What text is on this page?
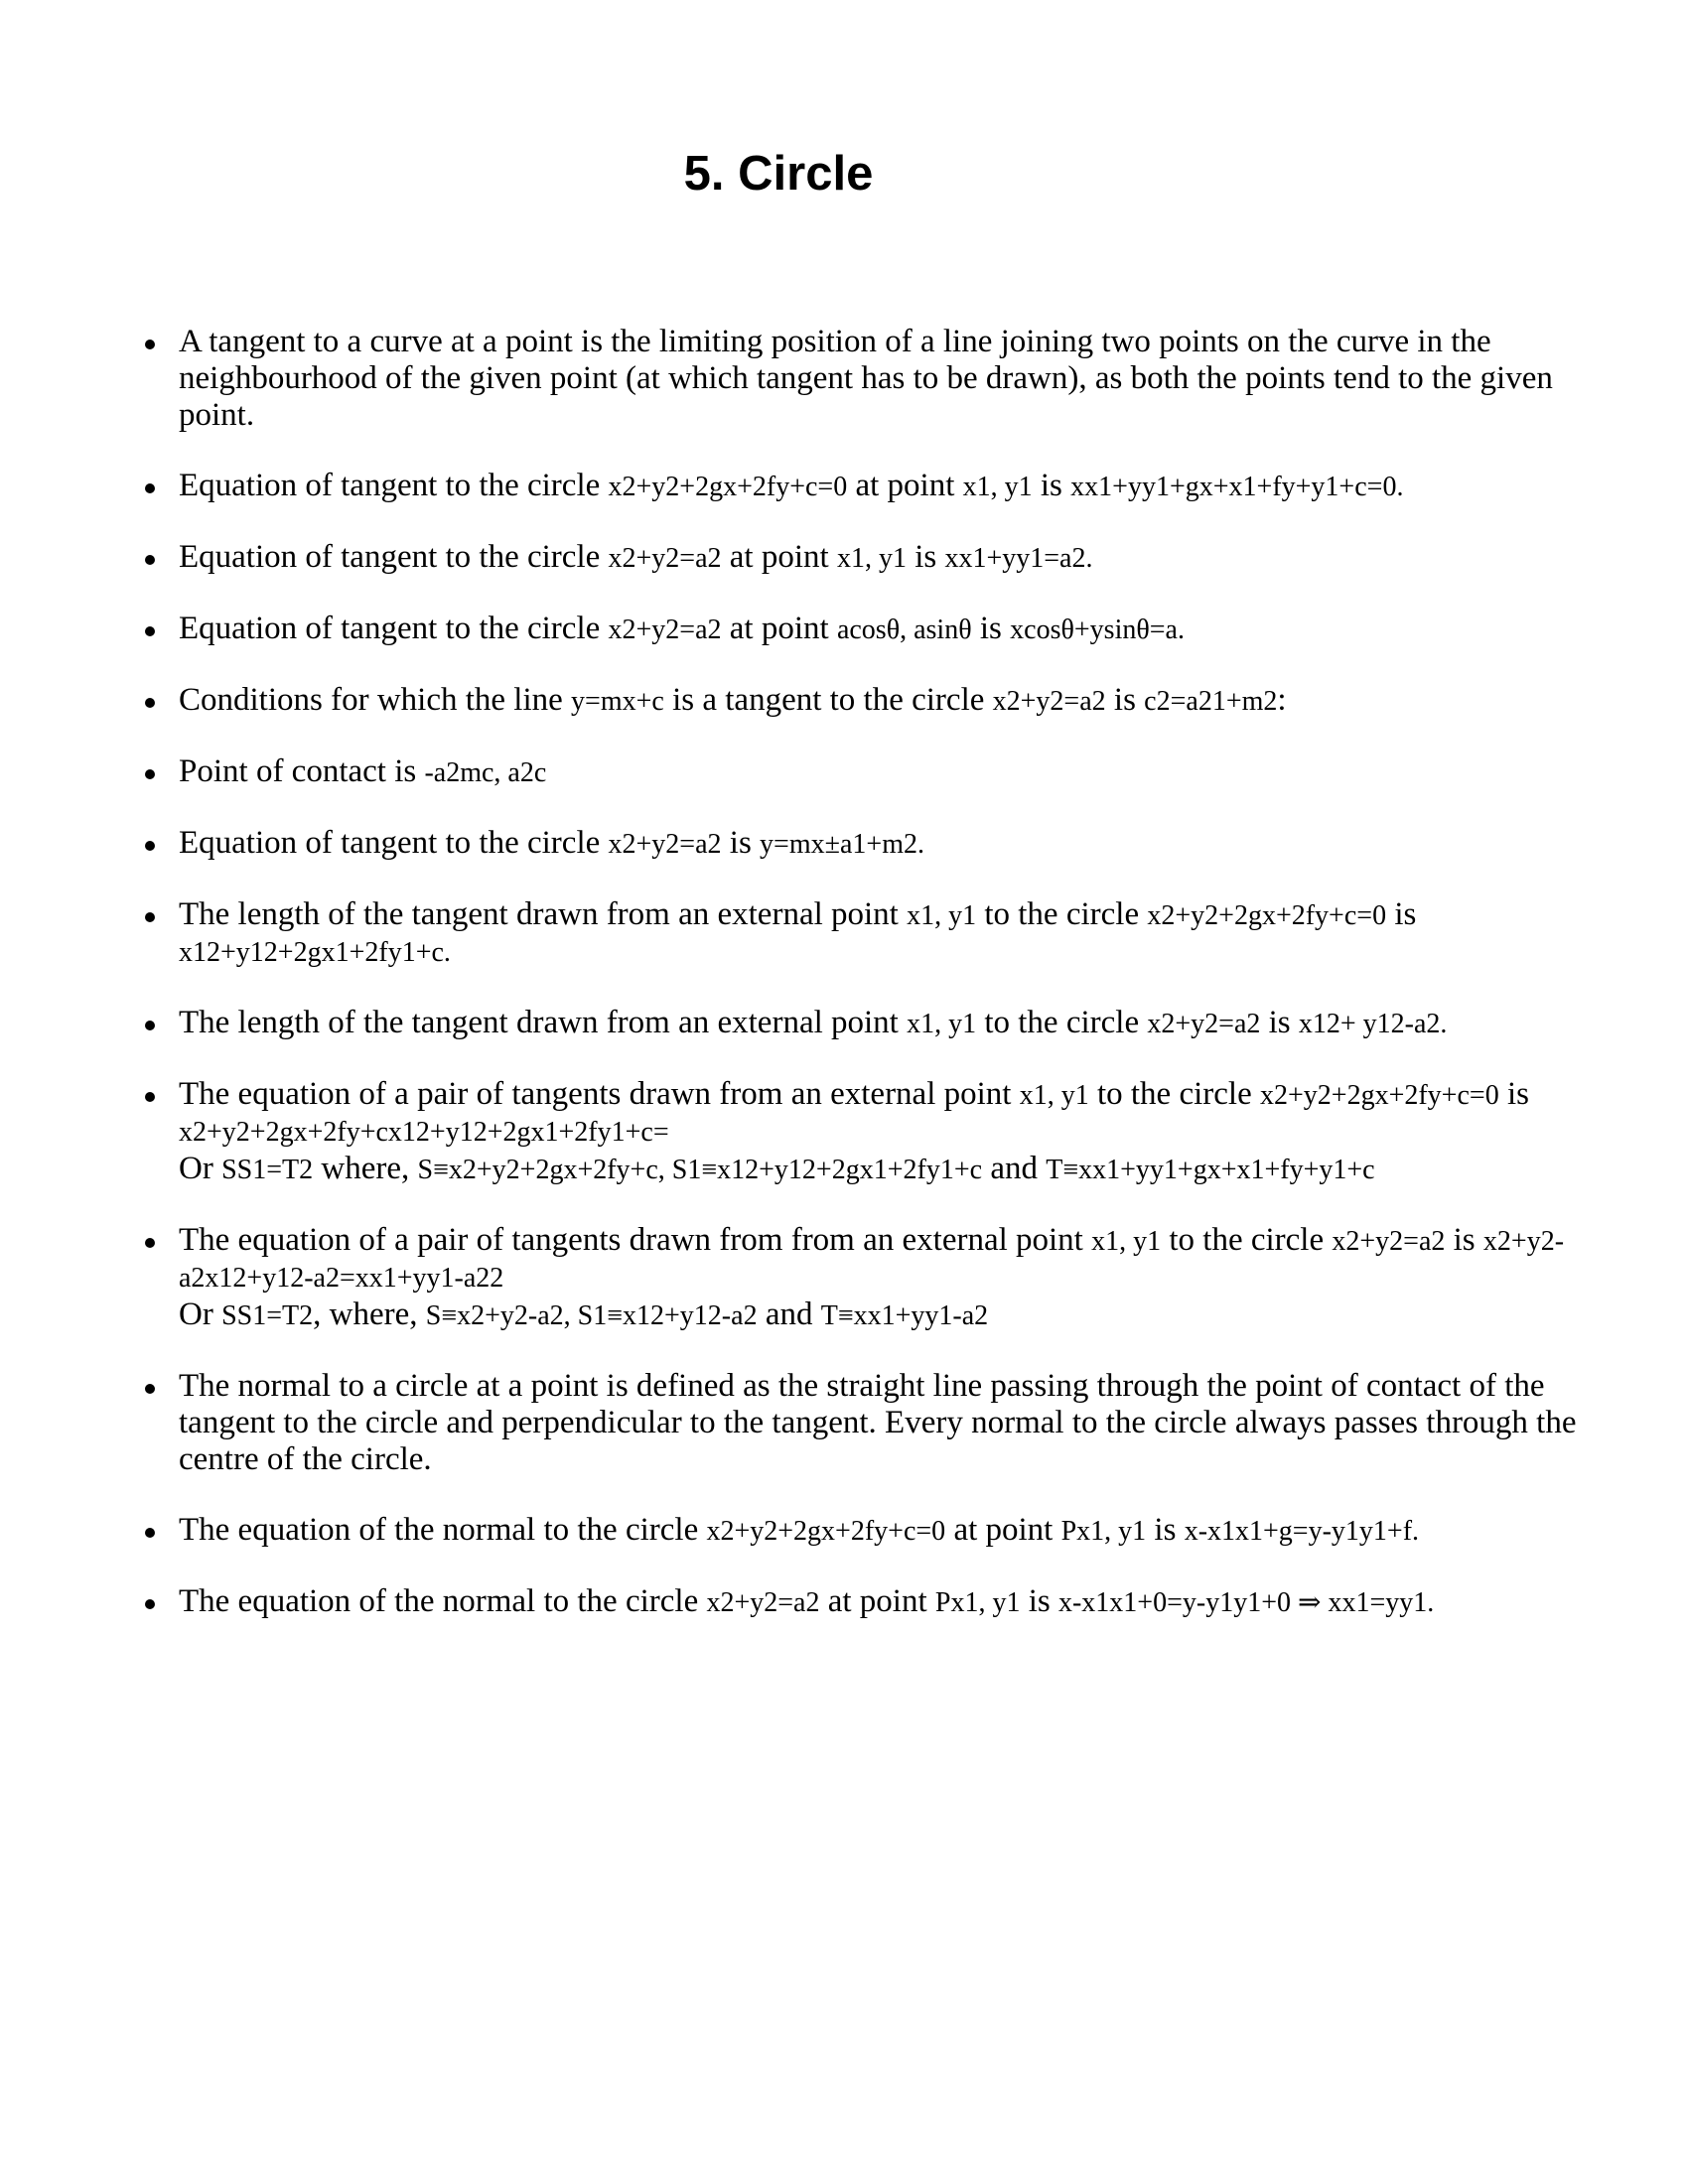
5. Circle
A tangent to a curve at a point is the limiting position of a line joining two points on the curve in the neighbourhood of the given point (at which tangent has to be drawn), as both the points tend to the given point.
Equation of tangent to the circle x2+y2+2gx+2fy+c=0 at point x1, y1 is xx1+yy1+gx+x1+fy+y1+c=0.
Equation of tangent to the circle x2+y2=a2 at point x1, y1 is xx1+yy1=a2.
Equation of tangent to the circle x2+y2=a2 at point acosθ, asinθ is xcosθ+ysinθ=a.
Conditions for which the line y=mx+c is a tangent to the circle x2+y2=a2 is c2=a21+m2:
Point of contact is -a2mc, a2c
Equation of tangent to the circle x2+y2=a2 is y=mx±a1+m2.
The length of the tangent drawn from an external point x1, y1 to the circle x2+y2+2gx+2fy+c=0 is
x12+y12+2gx1+2fy1+c.
The length of the tangent drawn from an external point x1, y1 to the circle x2+y2=a2 is x12+ y12-a2.
The equation of a pair of tangents drawn from an external point x1, y1 to the circle x2+y2+2gx+2fy+c=0 is
x2+y2+2gx+2fy+cx12+y12+2gx1+2fy1+c=
Or SS1=T2 where, S≡x2+y2+2gx+2fy+c, S1≡x12+y12+2gx1+2fy1+c and T≡xx1+yy1+gx+x1+fy+y1+c
The equation of a pair of tangents drawn from from an external point x1, y1 to the circle x2+y2=a2 is x2+y2-
a2x12+y12-a2=xx1+yy1-a22
Or SS1=T2, where, S≡x2+y2-a2, S1≡x12+y12-a2 and T≡xx1+yy1-a2
The normal to a circle at a point is defined as the straight line passing through the point of contact of the tangent to the circle and perpendicular to the tangent. Every normal to the circle always passes through the centre of the circle.
The equation of the normal to the circle x2+y2+2gx+2fy+c=0 at point Px1, y1 is x-x1x1+g=y-y1y1+f.
The equation of the normal to the circle x2+y2=a2 at point Px1, y1 is x-x1x1+0=y-y1y1+0 ⇒ xx1=yy1.
